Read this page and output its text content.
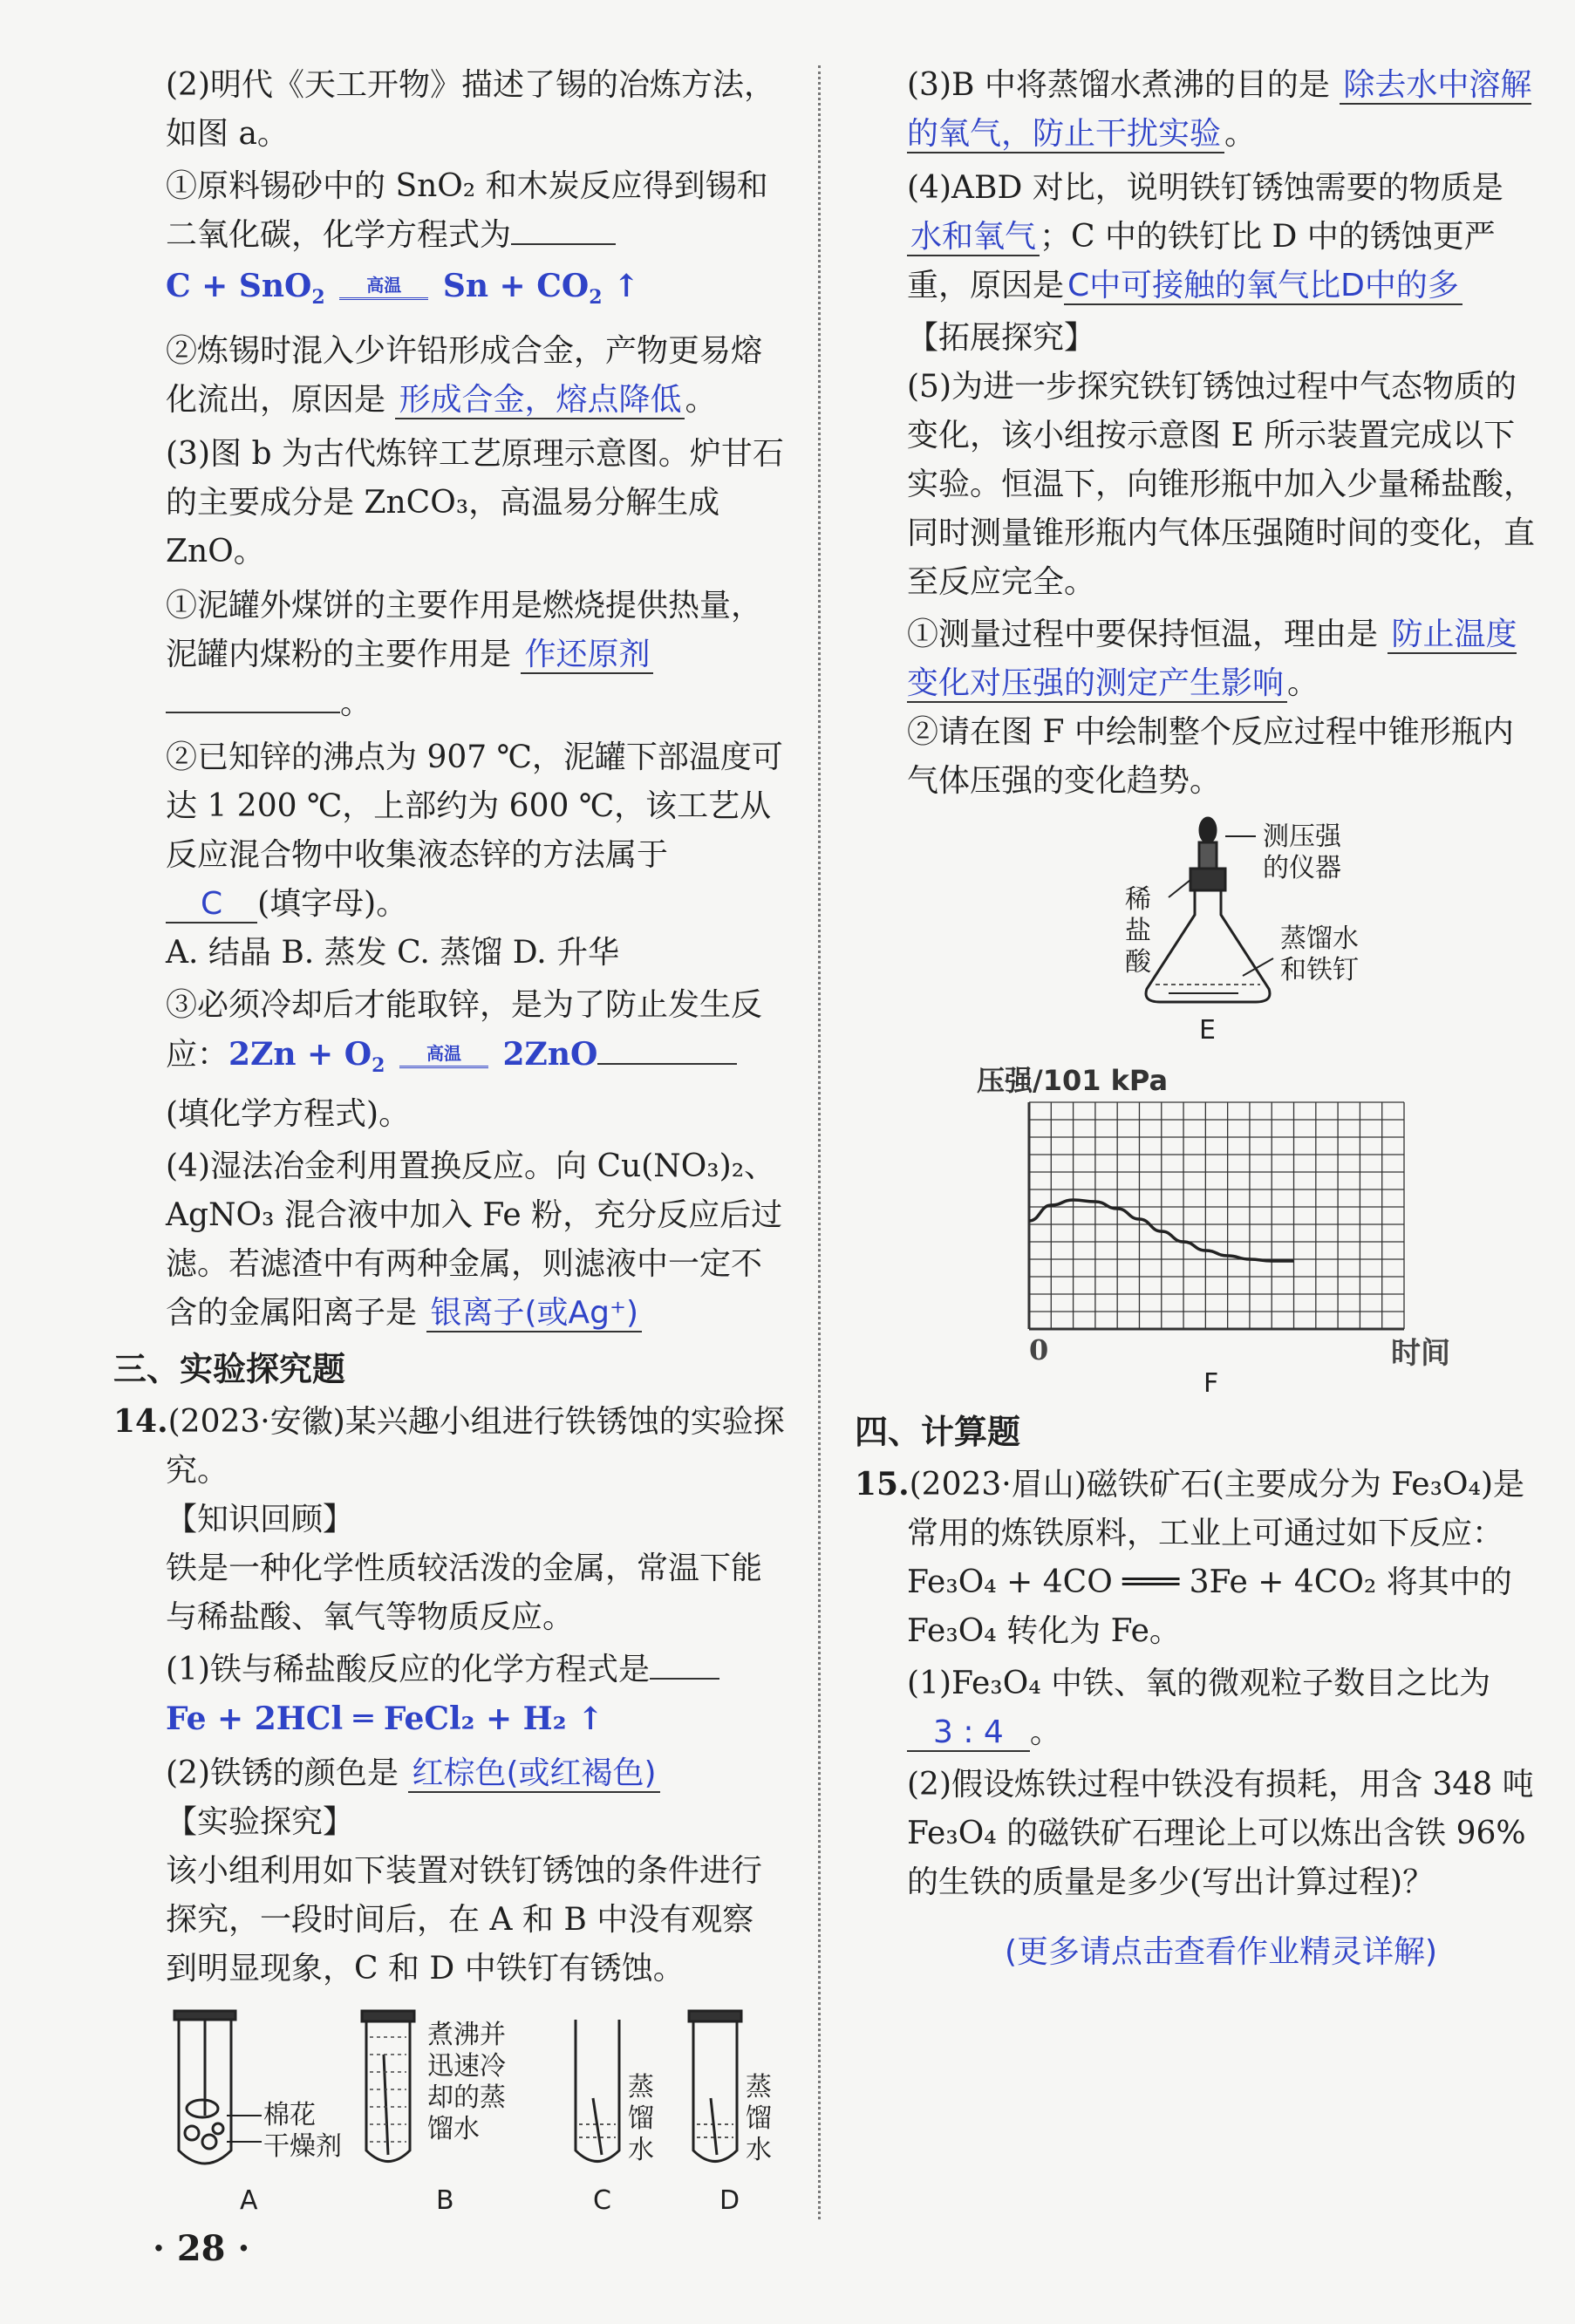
(2)明代《天工开物》描述了锡的冶炼方法，如图 a。

①原料锡砂中的 SnO₂ 和木炭反应得到锡和二氧化碳，化学方程式为

C + SnO$_2$ 高温 $Sn + CO_2$ ↑

②炼锡时混入少许铅形成合金，产物更易熔化流出，原因是 形成合金，熔点降低 。

(3)图 b 为古代炼锌工艺原理示意图。炉甘石的主要成分是 ZnCO₃，高温易分解生成 ZnO。

①泥罐外煤饼的主要作用是燃烧提供热量，泥罐内煤粉的主要作用是 作还原剂 。

②已知锌的沸点为 907 ℃，泥罐下部温度可达 1 200 ℃，上部约为 600 ℃，该工艺从反应混合物中收集液态锌的方法属于 C (填字母)。

A. 结晶 B. 蒸发 C. 蒸馏 D. 升华

③必须冷却后才能取锌，是为了防止发生反应：$2Zn + O_2$ 高温 2ZnO

(填化学方程式)。

(4)湿法冶金利用置换反应。向 Cu(NO₃)₂、AgNO₃ 混合液中加入 Fe 粉，充分反应后过滤。若滤渣中有两种金属，则滤液中一定不含的金属阳离子是 银离子(或Ag⁺)

三、实验探究题

14.(2023·安徽)某兴趣小组进行铁锈蚀的实验探究。

【知识回顾】

铁是一种化学性质较活泼的金属，常温下能与稀盐酸、氧气等物质反应。

(1)铁与稀盐酸反应的化学方程式是

Fe + 2HCl ═ FeCl₂ + H₂ ↑

(2)铁锈的颜色是 红棕色(或红褐色)

【实验探究】

该小组利用如下装置对铁钉锈蚀的条件进行探究，一段时间后，在 A 和 B 中没有观察到明显现象，C 和 D 中铁钉有锈蚀。

棉花
干燥剂
煮沸并迅速冷却的蒸馏水
蒸馏水
蒸馏水
A	B	C	D

(3)B 中将蒸馏水煮沸的目的是 除去水中溶解的氧气，防止干扰实验 。

(4)ABD 对比，说明铁钉锈蚀需要的物质是水和氧气 ；C 中的铁钉比 D 中的锈蚀更严重，原因是 C中可接触的氧气比D中的多

【拓展探究】

(5)为进一步探究铁钉锈蚀过程中气态物质的变化，该小组按示意图 E 所示装置完成以下实验。恒温下，向锥形瓶中加入少量稀盐酸，同时测量锥形瓶内气体压强随时间的变化，直至反应完全。

①测量过程中要保持恒温，理由是 防止温度变化对压强的测定产生影响 。

②请在图 F 中绘制整个反应过程中锥形瓶内气体压强的变化趋势。

测压强的仪器
稀盐酸
蒸馏水和铁钉
E
压强/101 kPa
0	时间
F

四、计算题

15.(2023·眉山)磁铁矿石(主要成分为 Fe₃O₄)是常用的炼铁原料，工业上可通过如下反应：Fe₃O₄ + 4CO ═══ 3Fe + 4CO₂ 将其中的 Fe₃O₄ 转化为 Fe。

(1)Fe₃O₄ 中铁、氧的微观粒子数目之比为 3 : 4 。

(2)假设炼铁过程中铁没有损耗，用含 348 吨 Fe₃O₄ 的磁铁矿石理论上可以炼出含铁 96% 的生铁的质量是多少(写出计算过程)？

(更多请点击查看作业精灵详解)

· 28 ·
